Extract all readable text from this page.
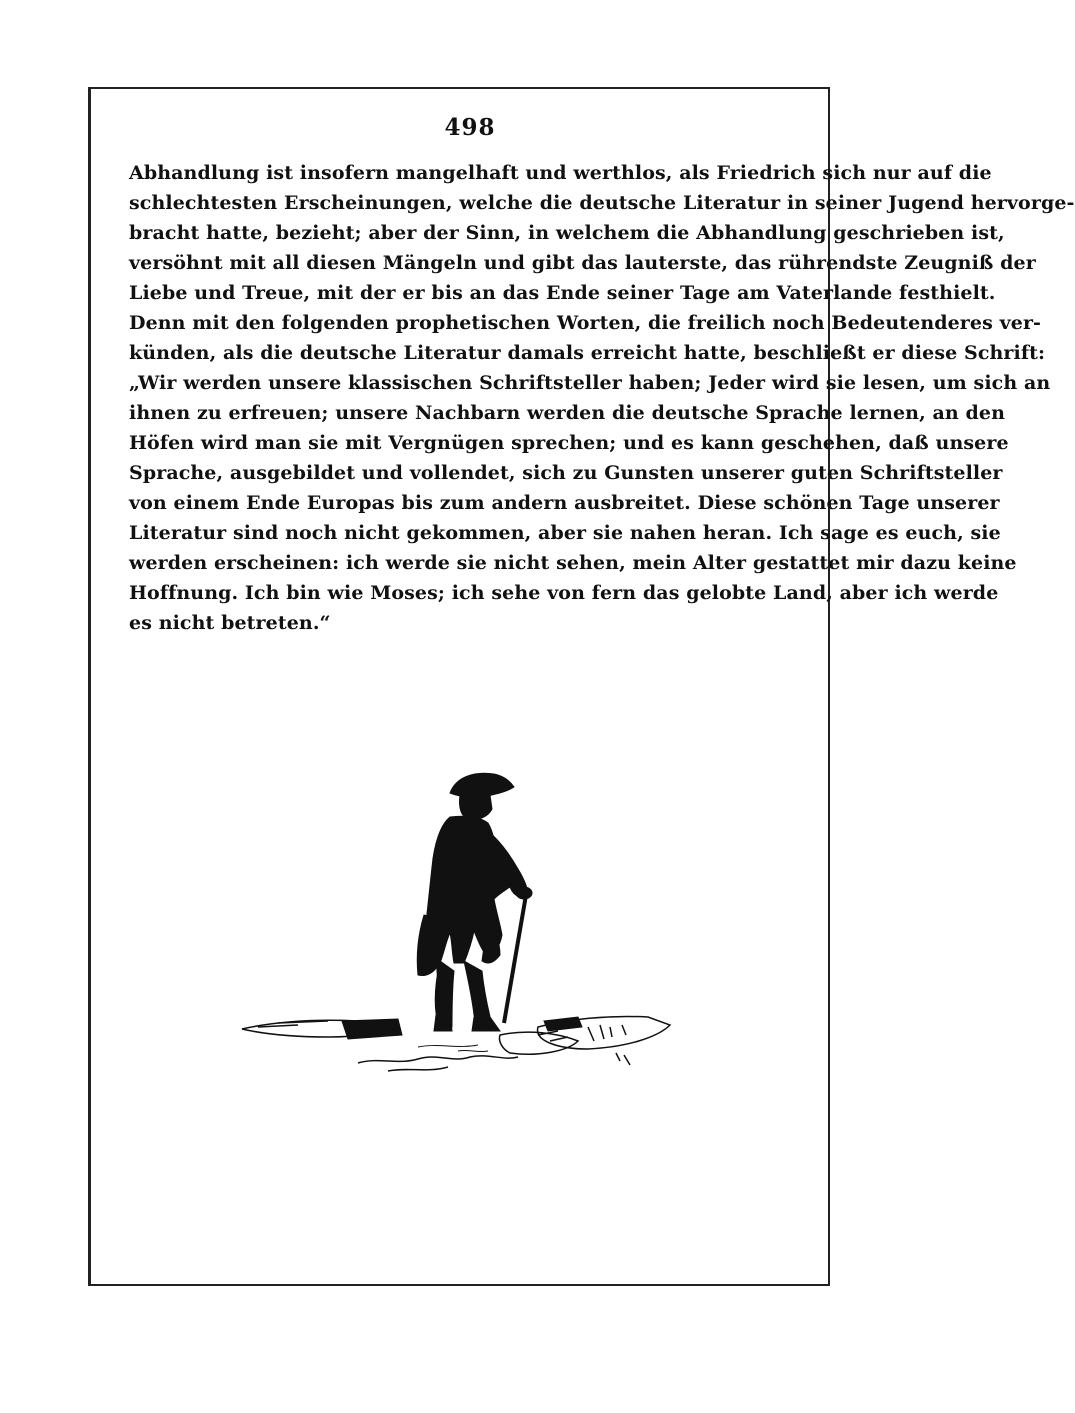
498
Abhandlung ist insofern mangelhaft und werthlos, als Friedrich sich nur auf die
schlechtesten Erscheinungen, welche die deutsche Literatur in seiner Jugend hervorge-
bracht hatte, bezieht; aber der Sinn, in welchem die Abhandlung geschrieben ist,
versöhnt mit all diesen Mängeln und gibt das lauterste, das rührendste Zeugniß der
Liebe und Treue, mit der er bis an das Ende seiner Tage am Vaterlande festhielt.
Denn mit den folgenden prophetischen Worten, die freilich noch Bedeutenderes ver-
künden, als die deutsche Literatur damals erreicht hatte, beschließt er diese Schrift:
„Wir werden unsere klassischen Schriftsteller haben; Jeder wird sie lesen, um sich an
ihnen zu erfreuen; unsere Nachbarn werden die deutsche Sprache lernen, an den
Höfen wird man sie mit Vergnügen sprechen; und es kann geschehen, daß unsere
Sprache, ausgebildet und vollendet, sich zu Gunsten unserer guten Schriftsteller
von einem Ende Europas bis zum andern ausbreitet. Diese schönen Tage unserer
Literatur sind noch nicht gekommen, aber sie nahen heran. Ich sage es euch, sie
werden erscheinen: ich werde sie nicht sehen, mein Alter gestattet mir dazu keine
Hoffnung. Ich bin wie Moses; ich sehe von fern das gelobte Land, aber ich werde
es nicht betreten.“
